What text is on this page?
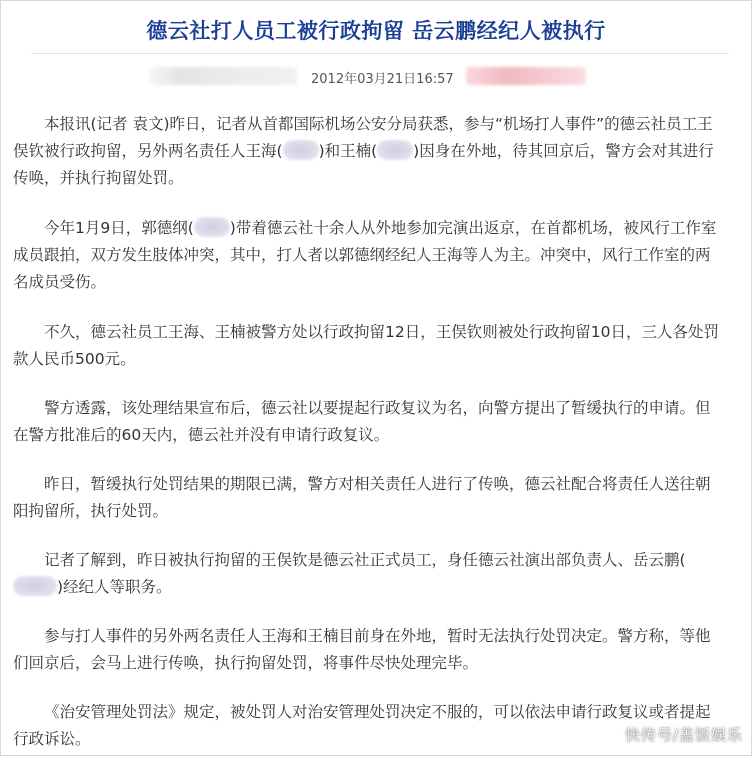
德云社打人员工被行政拘留 岳云鹏经纪人被执行
2012年03月21日16:57

本报讯(记者 袁文)昨日，记者从首都国际机场公安分局获悉，参与“机场打人事件”的德云社员工王俣钦被行政拘留，另外两名责任人王海( )和王楠( )因身在外地，待其回京后，警方会对其进行传唤，并执行拘留处罚。

今年1月9日，郭德纲( )带着德云社十余人从外地参加完演出返京，在首都机场，被风行工作室成员跟拍，双方发生肢体冲突，其中，打人者以郭德纲经纪人王海等人为主。冲突中，风行工作室的两名成员受伤。

不久，德云社员工王海、王楠被警方处以行政拘留12日，王俣钦则被处行政拘留10日，三人各处罚款人民币500元。

警方透露，该处理结果宣布后，德云社以要提起行政复议为名，向警方提出了暂缓执行的申请。但在警方批准后的60天内，德云社并没有申请行政复议。

昨日，暂缓执行处罚结果的期限已满，警方对相关责任人进行了传唤，德云社配合将责任人送往朝阳拘留所，执行处罚。

记者了解到，昨日被执行拘留的王俣钦是德云社正式员工，身任德云社演出部负责人、岳云鹏()经纪人等职务。

参与打人事件的另外两名责任人王海和王楠目前身在外地，暂时无法执行处罚决定。警方称，等他们回京后，会马上进行传唤，执行拘留处罚，将事件尽快处理完毕。

《治安管理处罚法》规定，被处罚人对治安管理处罚决定不服的，可以依法申请行政复议或者提起行政诉讼。	快传号/盖饭娱乐
